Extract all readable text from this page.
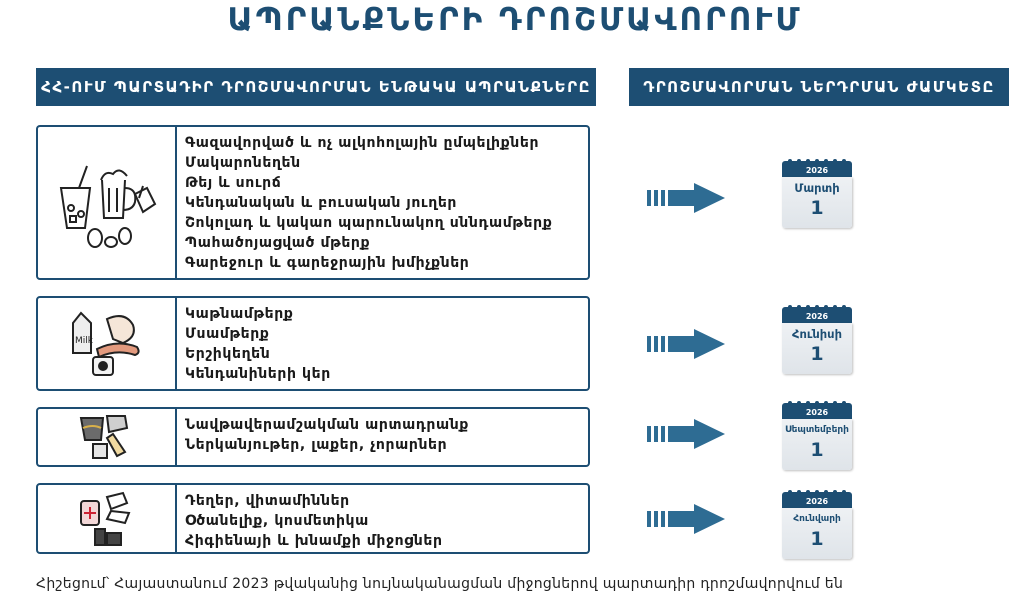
ԱՊՐԱՆՔՆԵՐԻ ԴՐՈՇՄԱՎՈՐՈՒՄ
ՀՀ-ՈՒՄ ՊԱՐՏԱԴԻՐ ԴՐՈՇՄԱՎՈՐՄԱՆ ԵՆԹԱԿԱ ԱՊՐԱՆՔՆԵՐԸ	ԴՐՈՇՄԱՎՈՐՄԱՆ ՆԵՐԴՐՄԱՆ ԺԱՄԿԵՏԸ
Գազավորված և ոչ ալկոհոլային ըմպելիքներ
Մակարոնեղեն
Թեյ և սուրճ
Կենդանական և բուսական յուղեր
Շոկոլադ և կակաո պարունակող սննդամթերք
Պահածոյացված մթերք
Գարեջուր և գարեջրային խմիչքներ
Milk
Կաթնամթերք
Մսամթերք
Երշիկեղեն
Կենդանիների կեր
Նավթավերամշակման արտադրանք
Ներկանյութեր, լաքեր, չորարներ
Դեղեր, վիտամիններ
Օծանելիք, կոսմետիկա
Հիգիենայի և խնամքի միջոցներ
2026
Մարտի
1
2026
Հունիսի
1
2026
Սեպտեմբերի
1
2026
Հունվարի
1
Հիշեցում՝ Հայաստանում 2023 թվականից նույնականացման միջոցներով պարտադիր դրոշմավորվում են
